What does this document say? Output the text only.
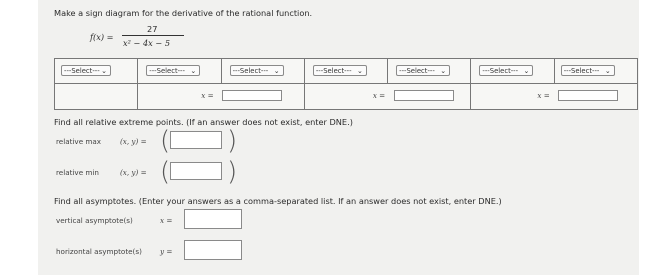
Make a sign diagram for the derivative of the rational function.
f(x) =
27
x² − 4x − 5
---Select--- ⌄	---Select--- ⌄	---Select--- ⌄	---Select--- ⌄	---Select--- ⌄	---Select--- ⌄	---Select--- ⌄

	x =		x =		x =	
Find all relative extreme points. (If an answer does not exist, enter DNE.)
relative max	(x, y) = ( )
relative min	(x, y) = ( )
Find all asymptotes. (Enter your answers as a comma-separated list. If an answer does not exist, enter DNE.)
vertical asymptote(s)	x =
horizontal asymptote(s)	y =
